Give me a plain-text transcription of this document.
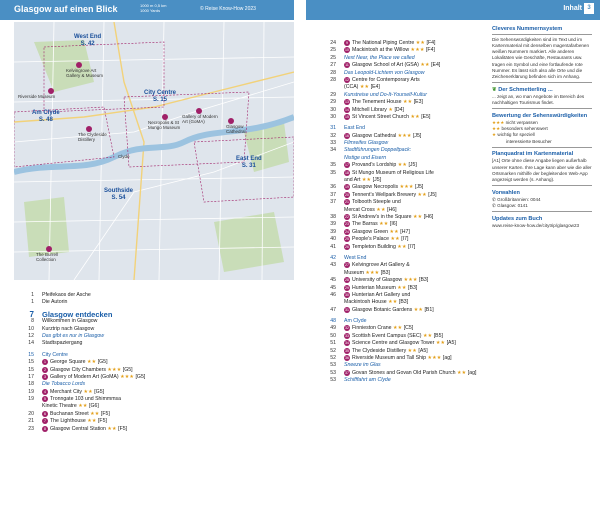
Glasgow auf einen Blick	1000 m 0,5 km
1000 Yards	© Reise Know-How 2023	Inhalt 3
West End
S. 42
City Centre
S. 15
Am Clyde
S. 48
East End
S. 31
Southside
S. 54
Kelvingrove Art Gallery & Museum
Riverside Museum
Gallery of Modern Art (GoMA)
Necropolis & St Mungo Museum
The Clydeside Distillery
Glasgow Cathedral
The Burrell Collection
Clyde
1 Pfeifekaos der Asche
1 Die Autorin
7 Glasgow entdecken
8 Willkommen in Glasgow
10 Kurztrip nach Glasgow
12 Das gibt es nur in Glasgow
14 Stadtspaziergang
15 City Centre
15	1 George Square ★★ [G5]
15	2 Glasgow City Chambers ★★★ [G5]
17	3 Gallery of Modern Art (GoMA) ★★★ [G5]
18 Die Tobacco Lords
19	4 Merchant City ★★ [G5]
19	5 Tronngate 103 und Shimmmsa
Kinetic Theatre ★★ [G6]
20	6 Buchanan Street ★★ [F5]
21	7 The Lighthouse ★★ [F5]
23	8 Glasgow Central Station ★★ [F5]
24	9 The National Piping Centre ★★ [F4]
25	10 Mackintosh at the Willow ★★★ [F4]
25 Next Near, the Place we called
27	11 Glasgow School of Art (GSA) ★★ [E4]
28 Das Leopold-Lichtem von Glasgow
28	12 Centre for Contemporary Arts
(CCA) ★★ [E4]
29 Kunstreise und Do-It-Yourself-Kultur
29	13 The Tenement House ★★ [E3]
30	14 Mitchell Library ★ [D4]
30	15 St Vincent Street Church ★★ [E5]
31 East End
32	16 Glasgow Cathedral ★★★ [J5]
33 Filmreifes Glasgow
34 Stadtführungen Doppeltpack:
Nistige und Eisern
35	17 Provand's Lordship ★★ [J5]
35	18 St Mungo Museum of Religious Life
and Art ★★ [J5]
36	19 Glasgow Necropolis ★★★ [J5]
37	20 Tennent's Wellpark Brewery ★★ [J5]
37	21 Tolbooth Steeple und
Mercat Cross ★★ [H6]
38	22 St Andrew's in the Square ★★ [H6]
39	23 The Barras ★★ [I6]
39	24 Glasgow Green ★★ [H7]
40	25 People's Palace ★★ [I7]
41	26 Templeton Building ★★ [I7]
42 West End
43	27 Kelvingrove Art Gallery &
Museum ★★★ [B3]
45	28 University of Glasgow ★★★ [B3]
45	29 Hunterian Museum ★★ [B3]
46	30 Hunterian Art Gallery und
Mackintosh House ★★ [B3]
47	31 Glasgow Botanic Gardens ★★ [B1]
48 Am Clyde
49	32 Finnieston Crane ★★ [C5]
50	33 Scottish Event Campus (SEC) ★★ [B5]
51	34 Science Centre and Glasgow Tower ★★ [A5]
52	35 The Clydeside Distillery ★★ [A5]
52	36 Riverside Museum and Tall Ship ★★★ [ag]
53 Sneeze im Glas
53	37 Govan Stones and Govan Old Parish Church ★★ [ag]
53 Schifffahrt am Clyde
Cleveres Nummernsystem
Die Sehenswürdigkeiten sind im Text und im Kartenmaterial mit denselben magentafarbenen weißen Nummern markiert. Alle anderen Lokalitäten wie Geschäfte, Restaurants usw. tragen ein Symbol und eine fortlaufende rote Nummer. Es lässt sich also alle Orte und die Zeichenerklärung befinden sich im Anhang.
❦ Der Schmetterling ...
... zeigt an, wo man Angebote im Bereich des nachhaltigen Tourismus findet.
Bewertung der Sehenswürdigkeiten
★★★ nicht verpassen
★★ besonders sehenswert
★ wichtig für speziell
interessierte Besucher
Planquadrat im Kartenmaterial
[A1] Orte ohne diese Angabe liegen außerhalb unserer Karten. Ihre Lage kann aber wie die aller Ortsmarken mithilfe der begleitenden Web-App angezeigt werden (s. Anhang).
Vorwahlen
✆ Großbritannien: 0044
✆ Glasgow: 0141
Updates zum Buch
www.reise-know-how.de/citytrip/glasgow23
